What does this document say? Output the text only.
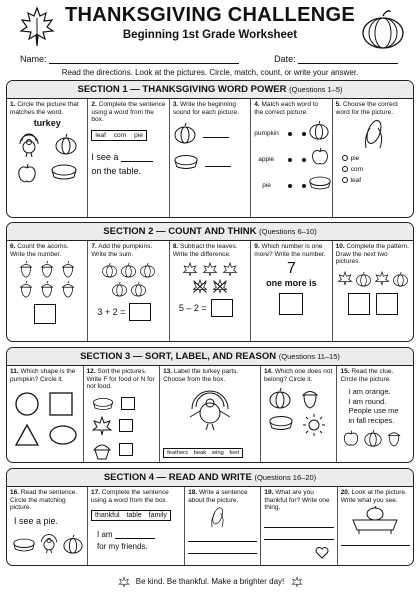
THANKSGIVING CHALLENGE
Beginning 1st Grade Worksheet
Name:	Date:
Read the directions. Look at the pictures. Circle, match, count, or write your answer.
SECTION 1 — THANKSGIVING WORD POWER (Questions 1–5)
1. Circle the picture that matches the word.
turkey
2. Complete the sentence using a word from the box.
leaf corn pie
I see a
on the table.
3. Write the beginning sound for each picture.
4. Match each word to the correct picture.
pumpkin
apple
pie
5. Choose the correct word for the picture.
pie
corn
leaf
SECTION 2 — COUNT AND THINK (Questions 6–10)
6. Count the acorns. Write the number.
7. Add the pumpkins. Write the sum.
3 + 2 =
8. Subtract the leaves. Write the difference.
5 – 2 =
9. Which number is one more? Write the number.
7
one more is
10. Complete the pattern. Draw the next two pictures.
SECTION 3 — SORT, LABEL, AND REASON (Questions 11–15)
11. Which shape is the pumpkin? Circle it.
12. Sort the pictures. Write F for food or N for not food.
13. Label the turkey parts. Choose from the box.
feathers beak wing feet
14. Which one does not belong? Circle it.
15. Read the clue. Circle the picture.
I am orange.
I am round.
People use me
in fall recipes.
SECTION 4 — READ AND WRITE (Questions 16–20)
16. Read the sentence. Circle the matching picture.
I see a pie.
17. Complete the sentence using a word from the box.
thankful table family
I am
for my friends.
18. Write a sentence about the picture.
19. What are you thankful for? Write one thing.
20. Look at the picture. Write what you see.
Be kind. Be thankful. Make a brighter day!
